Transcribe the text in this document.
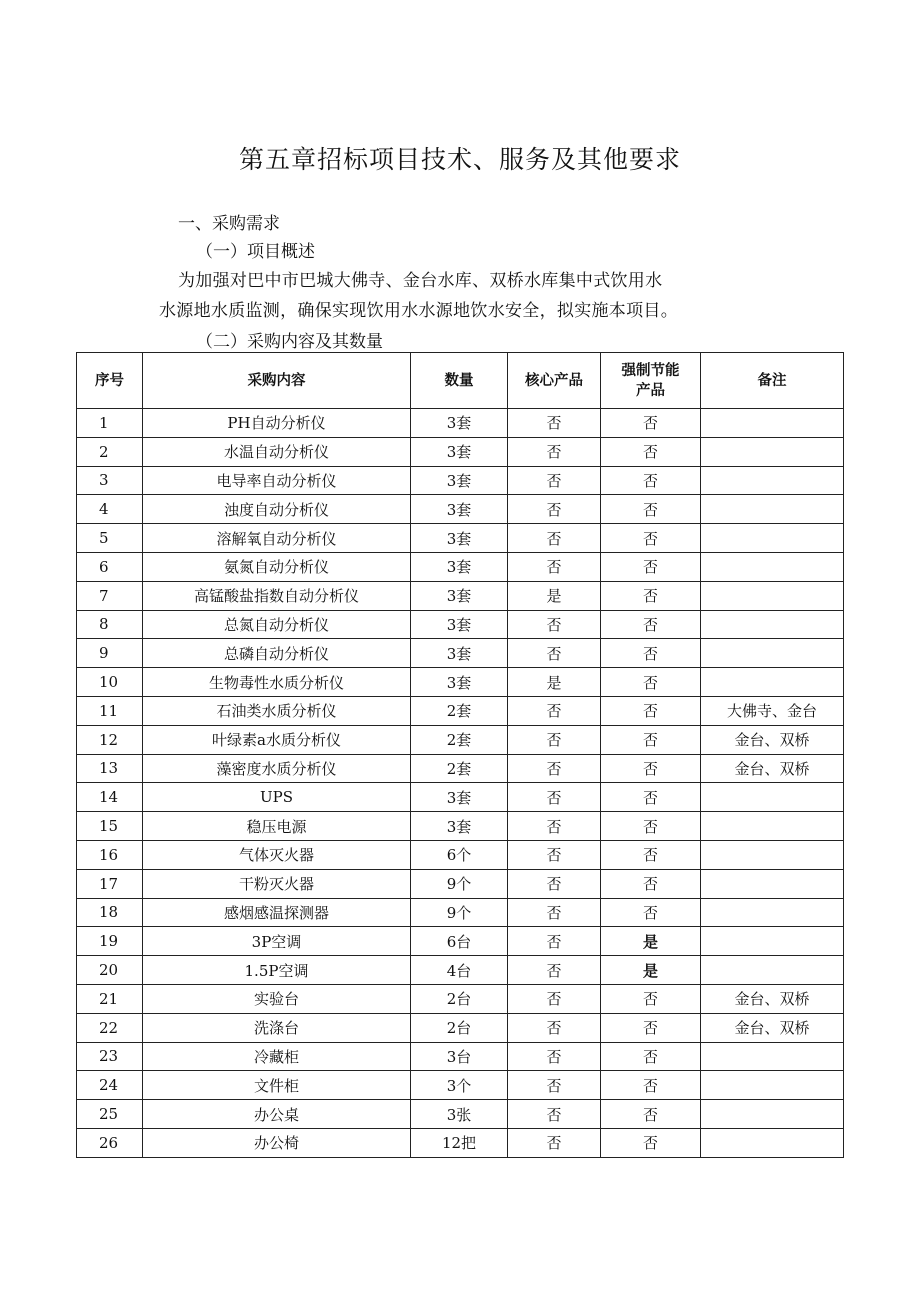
第五章招标项目技术、服务及其他要求
一、采购需求
（一）项目概述
为加强对巴中市巴城大佛寺、金台水库、双桥水库集中式饮用水
水源地水质监测，确保实现饮用水水源地饮水安全，拟实施本项目。
（二）采购内容及其数量
序号	采购内容	数量	核心产品	强制节能产品	备注
1	PH自动分析仪	3套	否	否	
2	水温自动分析仪	3套	否	否	
3	电导率自动分析仪	3套	否	否	
4	浊度自动分析仪	3套	否	否	
5	溶解氧自动分析仪	3套	否	否	
6	氨氮自动分析仪	3套	否	否	
7	高锰酸盐指数自动分析仪	3套	是	否	
8	总氮自动分析仪	3套	否	否	
9	总磷自动分析仪	3套	否	否	
10	生物毒性水质分析仪	3套	是	否	
11	石油类水质分析仪	2套	否	否	大佛寺、金台
12	叶绿素a水质分析仪	2套	否	否	金台、双桥
13	藻密度水质分析仪	2套	否	否	金台、双桥
14	UPS	3套	否	否	
15	稳压电源	3套	否	否	
16	气体灭火器	6个	否	否	
17	干粉灭火器	9个	否	否	
18	感烟感温探测器	9个	否	否	
19	3P空调	6台	否	是	
20	1.5P空调	4台	否	是	
21	实验台	2台	否	否	金台、双桥
22	洗涤台	2台	否	否	金台、双桥
23	冷藏柜	3台	否	否	
24	文件柜	3个	否	否	
25	办公桌	3张	否	否	
26	办公椅	12把	否	否	
